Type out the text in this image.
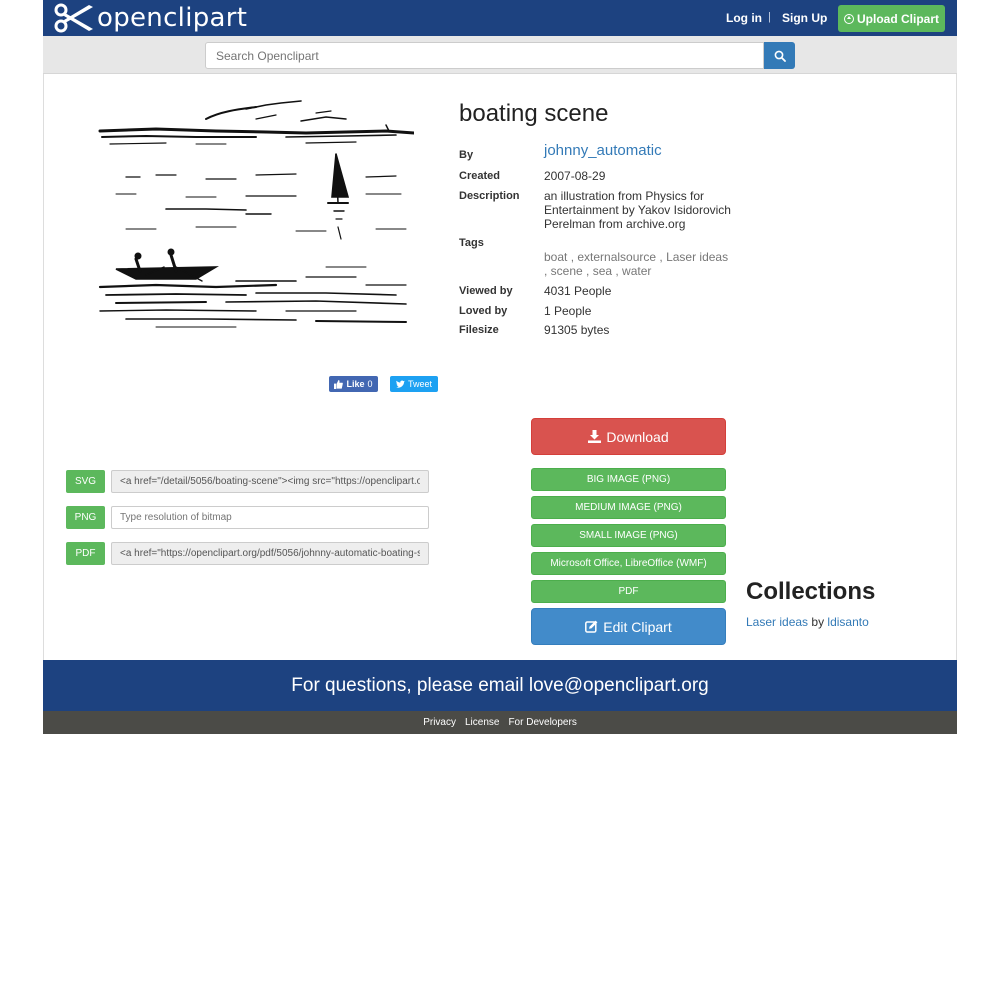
openclipart	Log in | Sign Up Upload Clipart
Search Openclipart
Like 0	Tweet
boating scene
By	johnny_automatic
Created	2007-08-29
Description an illustration from Physics for Entertainment by Yakov Isidorovich Perelman from archive.org
Tags
boat , externalsource , Laser ideas , scene , sea , water
Viewed by	4031 People
Loved by	1 People
Filesize	91305 bytes
SVG
<a href="/detail/5056/boating-scene"><img src="https://openclipart.org/d
PNG
Type resolution of bitmap
PDF
<a href="https://openclipart.org/pdf/5056/johnny-automatic-boating-scene
Download
BIG IMAGE (PNG)
MEDIUM IMAGE (PNG)
SMALL IMAGE (PNG)
Microsoft Office, LibreOffice (WMF)
PDF
Edit Clipart
Collections
Laser ideas by ldisanto
For questions, please email love@openclipart.org
Privacy License For Developers
